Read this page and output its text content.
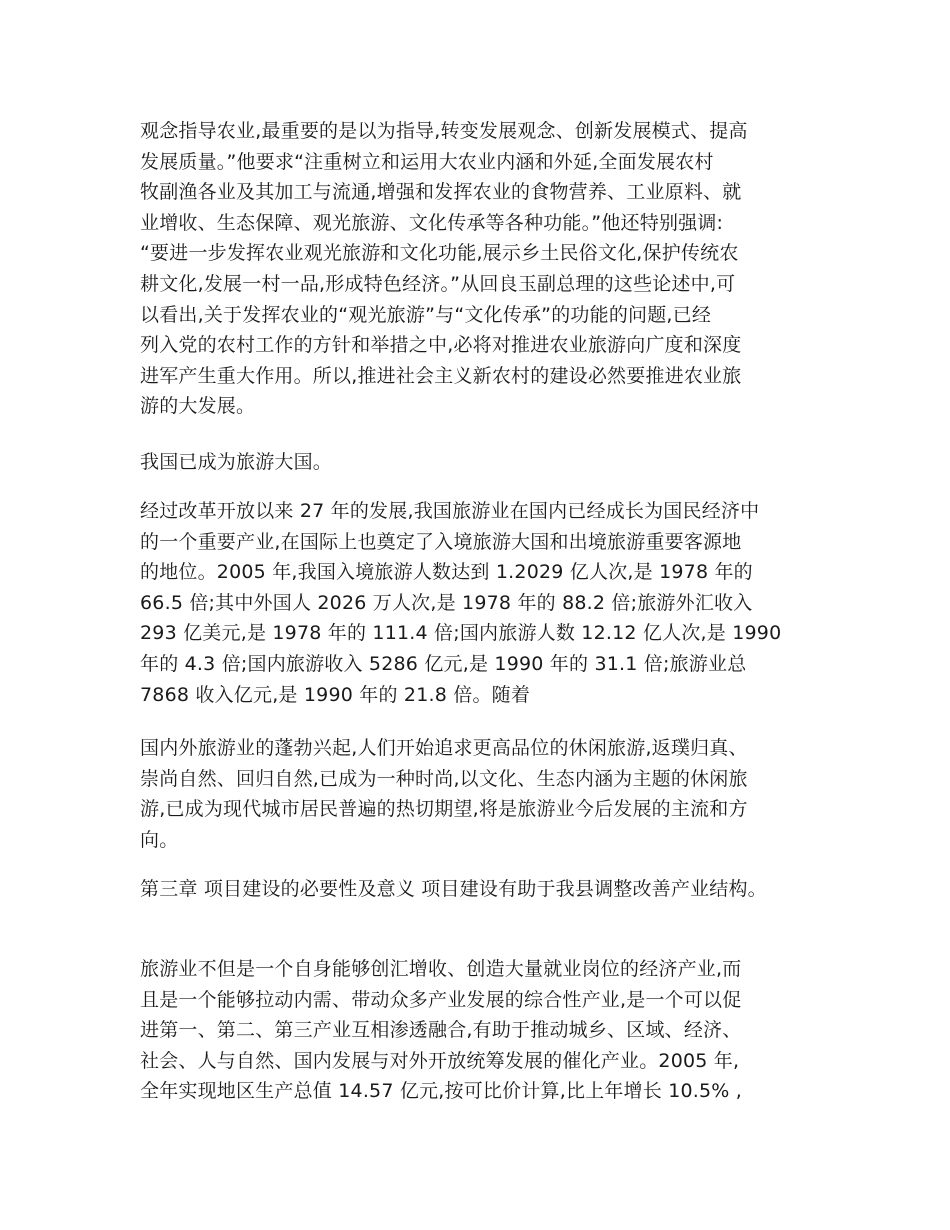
观念指导农业,最重要的是以为指导,转变发展观念、创新发展模式、提高
发展质量。”他要求“注重树立和运用大农业内涵和外延,全面发展农村
牧副渔各业及其加工与流通,增强和发挥农业的食物营养、工业原料、就
业增收、生态保障、观光旅游、文化传承等各种功能。”他还特别强调:
“要进一步发挥农业观光旅游和文化功能,展示乡土民俗文化,保护传统农
耕文化,发展一村一品,形成特色经济。”从回良玉副总理的这些论述中,可
以看出,关于发挥农业的“观光旅游”与“文化传承”的功能的问题,已经
列入党的农村工作的方针和举措之中,必将对推进农业旅游向广度和深度
进军产生重大作用。所以,推进社会主义新农村的建设必然要推进农业旅
游的大发展。
我国已成为旅游大国。
经过改革开放以来 27 年的发展,我国旅游业在国内已经成长为国民经济中
的一个重要产业,在国际上也奠定了入境旅游大国和出境旅游重要客源地
的地位。2005 年,我国入境旅游人数达到 1.2029 亿人次,是 1978 年的
66.5 倍;其中外国人 2026 万人次,是 1978 年的 88.2 倍;旅游外汇收入
293 亿美元,是 1978 年的 111.4 倍;国内旅游人数 12.12 亿人次,是 1990
年的 4.3 倍;国内旅游收入 5286 亿元,是 1990 年的 31.1 倍;旅游业总
7868 收入亿元,是 1990 年的 21.8 倍。随着
国内外旅游业的蓬勃兴起,人们开始追求更高品位的休闲旅游,返璞归真、
崇尚自然、回归自然,已成为一种时尚,以文化、生态内涵为主题的休闲旅
游,已成为现代城市居民普遍的热切期望,将是旅游业今后发展的主流和方
向。
第三章 项目建设的必要性及意义 项目建设有助于我县调整改善产业结构。
旅游业不但是一个自身能够创汇增收、创造大量就业岗位的经济产业,而
且是一个能够拉动内需、带动众多产业发展的综合性产业,是一个可以促
进第一、第二、第三产业互相渗透融合,有助于推动城乡、区域、经济、
社会、人与自然、国内发展与对外开放统筹发展的催化产业。2005 年,
全年实现地区生产总值 14.57 亿元,按可比价计算,比上年增长 10.5% ,
